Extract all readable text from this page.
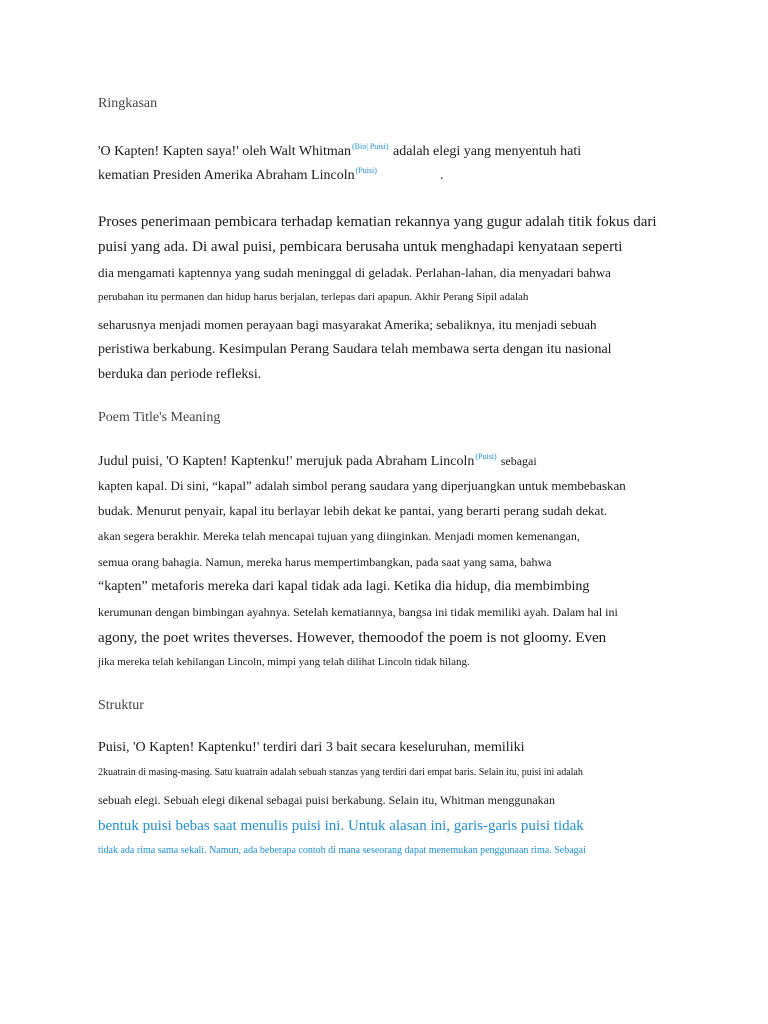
Ringkasan
'O Kapten! Kapten saya!' oleh Walt Whitman$^{(Bio| Puisi)}$ adalah elegi yang menyentuh hati
kematian Presiden Amerika Abraham Lincoln$^{(Puisi)}$	.
Proses penerimaan pembicara terhadap kematian rekannya yang gugur adalah titik fokus dari
puisi yang ada. Di awal puisi, pembicara berusaha untuk menghadapi kenyataan seperti
dia mengamati kaptennya yang sudah meninggal di geladak. Perlahan-lahan, dia menyadari bahwa
perubahan itu permanen dan hidup harus berjalan, terlepas dari apapun. Akhir Perang Sipil adalah
seharusnya menjadi momen perayaan bagi masyarakat Amerika; sebaliknya, itu menjadi sebuah
peristiwa berkabung. Kesimpulan Perang Saudara telah membawa serta dengan itu nasional
berduka dan periode refleksi.
Poem Title's Meaning
Judul puisi, 'O Kapten! Kaptenku!' merujuk pada Abraham Lincoln$^{(Puisi)}$ sebagai
kapten kapal. Di sini, “kapal” adalah simbol perang saudara yang diperjuangkan untuk membebaskan
budak. Menurut penyair, kapal itu berlayar lebih dekat ke pantai, yang berarti perang sudah dekat.
akan segera berakhir. Mereka telah mencapai tujuan yang diinginkan. Menjadi momen kemenangan,
semua orang bahagia. Namun, mereka harus mempertimbangkan, pada saat yang sama, bahwa
“kapten” metaforis mereka dari kapal tidak ada lagi. Ketika dia hidup, dia membimbing
kerumunan dengan bimbingan ayahnya. Setelah kematiannya, bangsa ini tidak memiliki ayah. Dalam hal ini
agony, the poet writes theverses. However, themoodof the poem is not gloomy. Even
jika mereka telah kehilangan Lincoln, mimpi yang telah dilihat Lincoln tidak hilang.
Struktur
Puisi, 'O Kapten! Kaptenku!' terdiri dari 3 bait secara keseluruhan, memiliki
2kuatrain di masing-masing. Satu kuatrain adalah sebuah stanzas yang terdiri dari empat baris. Selain itu, puisi ini adalah
sebuah elegi. Sebuah elegi dikenal sebagai puisi berkabung. Selain itu, Whitman menggunakan
bentuk puisi bebas saat menulis puisi ini. Untuk alasan ini, garis-garis puisi tidak
tidak ada rima sama sekali. Namun, ada beberapa contoh di mana seseorang dapat menemukan penggunaan rima. Sebagai
